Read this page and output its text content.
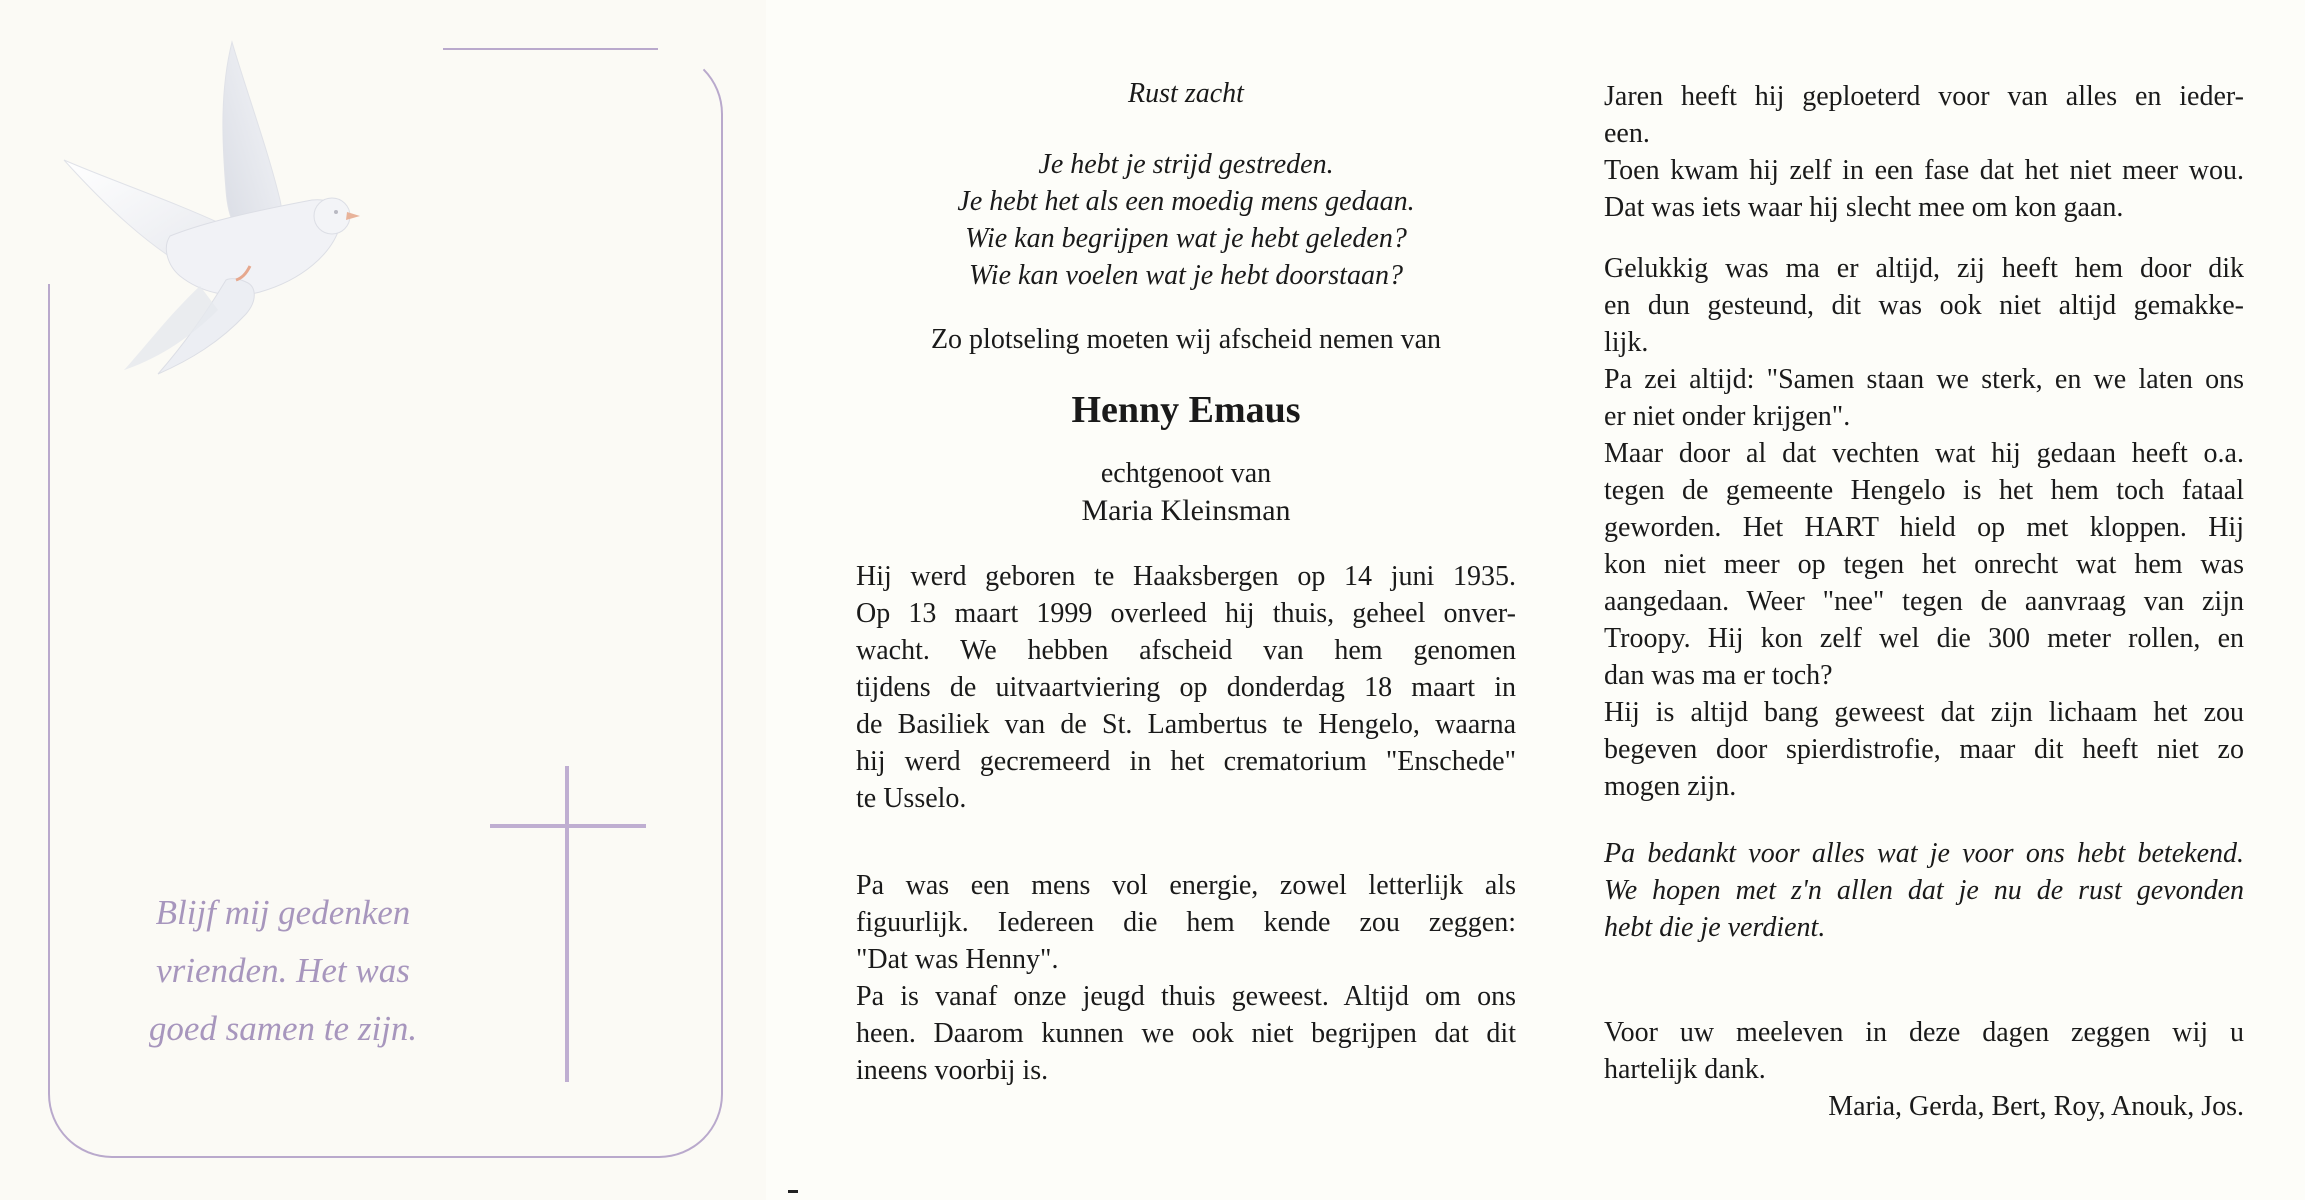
Blijf mij gedenken
vrienden. Het was
goed samen te zijn.
Rust zacht
Je hebt je strijd gestreden.
Je hebt het als een moedig mens gedaan.
Wie kan begrijpen wat je hebt geleden?
Wie kan voelen wat je hebt doorstaan?
Zo plotseling moeten wij afscheid nemen van
Henny Emaus
echtgenoot van
Maria Kleinsman
Hij werd geboren te Haaksbergen op 14 juni 1935.
Op 13 maart 1999 overleed hij thuis, geheel onver-
wacht. We hebben afscheid van hem genomen
tijdens de uitvaartviering op donderdag 18 maart in
de Basiliek van de St. Lambertus te Hengelo, waarna
hij werd gecremeerd in het crematorium "Enschede"
te Usselo.
Pa was een mens vol energie, zowel letterlijk als
figuurlijk. Iedereen die hem kende zou zeggen:
"Dat was Henny".
Pa is vanaf onze jeugd thuis geweest. Altijd om ons
heen. Daarom kunnen we ook niet begrijpen dat dit
ineens voorbij is.
Jaren heeft hij geploeterd voor van alles en ieder-
een.
Toen kwam hij zelf in een fase dat het niet meer wou.
Dat was iets waar hij slecht mee om kon gaan.
Gelukkig was ma er altijd, zij heeft hem door dik
en dun gesteund, dit was ook niet altijd gemakke-
lijk.
Pa zei altijd: "Samen staan we sterk, en we laten ons
er niet onder krijgen".
Maar door al dat vechten wat hij gedaan heeft o.a.
tegen de gemeente Hengelo is het hem toch fataal
geworden. Het HART hield op met kloppen. Hij
kon niet meer op tegen het onrecht wat hem was
aangedaan. Weer "nee" tegen de aanvraag van zijn
Troopy. Hij kon zelf wel die 300 meter rollen, en
dan was ma er toch?
Hij is altijd bang geweest dat zijn lichaam het zou
begeven door spierdistrofie, maar dit heeft niet zo
mogen zijn.
Pa bedankt voor alles wat je voor ons hebt betekend.
We hopen met z'n allen dat je nu de rust gevonden
hebt die je verdient.
Voor uw meeleven in deze dagen zeggen wij u
hartelijk dank.
Maria, Gerda, Bert, Roy, Anouk, Jos.
